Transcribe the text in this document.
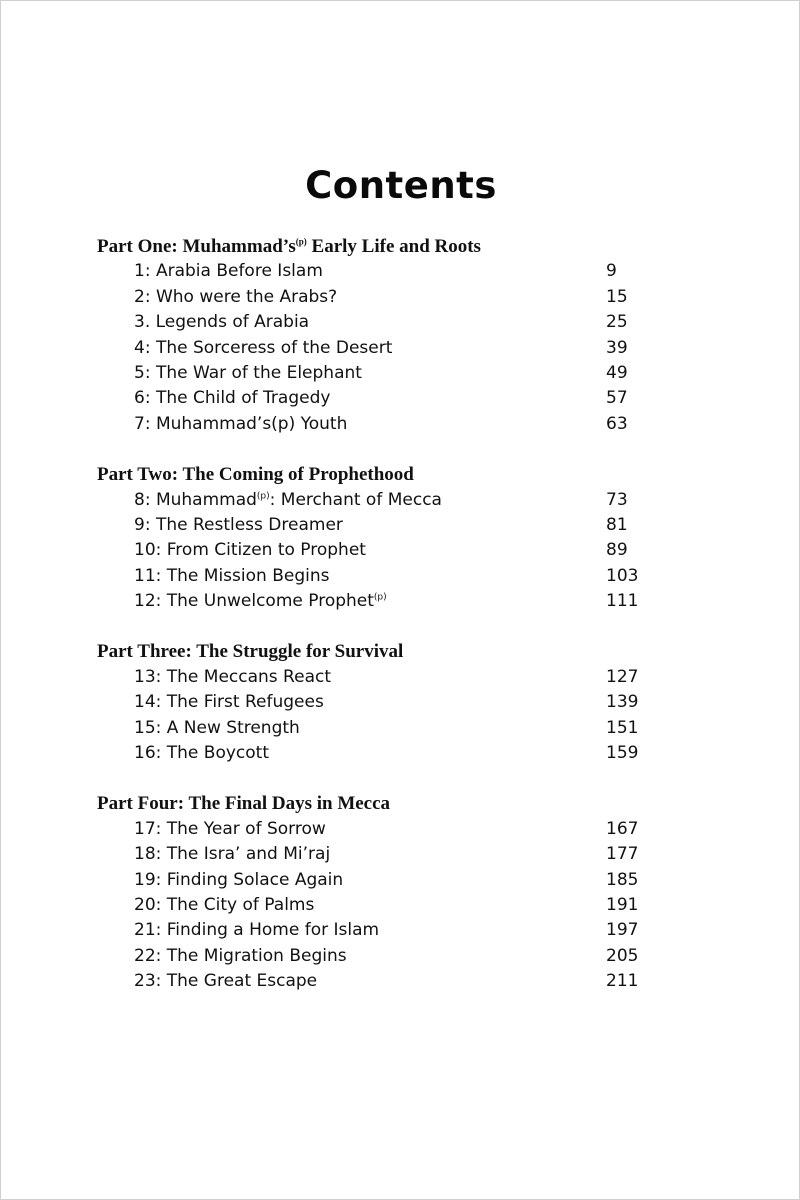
Contents
Part One: $Muhammad’s^{(p)}$ Early Life and Roots
1: Arabia Before Islam	9
2: Who were the Arabs?	15
3. Legends of Arabia	25
4: The Sorceress of the Desert	39
5: The War of the Elephant	49
6: The Child of Tragedy	57
7: Muhammad’s(p) Youth	63
Part Two: The Coming of Prophethood
8: Muhammad$^{(p)}$: Merchant of Mecca	73
9: The Restless Dreamer	81
10: From Citizen to Prophet	89
11: The Mission Begins	103
12: The Unwelcome Prophet$^{(p)}$	111
Part Three: The Struggle for Survival
13: The Meccans React	127
14: The First Refugees	139
15: A New Strength	151
16: The Boycott	159
Part Four: The Final Days in Mecca
17: The Year of Sorrow	167
18: The Isra’ and Mi’raj	177
19: Finding Solace Again	185
20: The City of Palms	191
21: Finding a Home for Islam	197
22: The Migration Begins	205
23: The Great Escape	211
